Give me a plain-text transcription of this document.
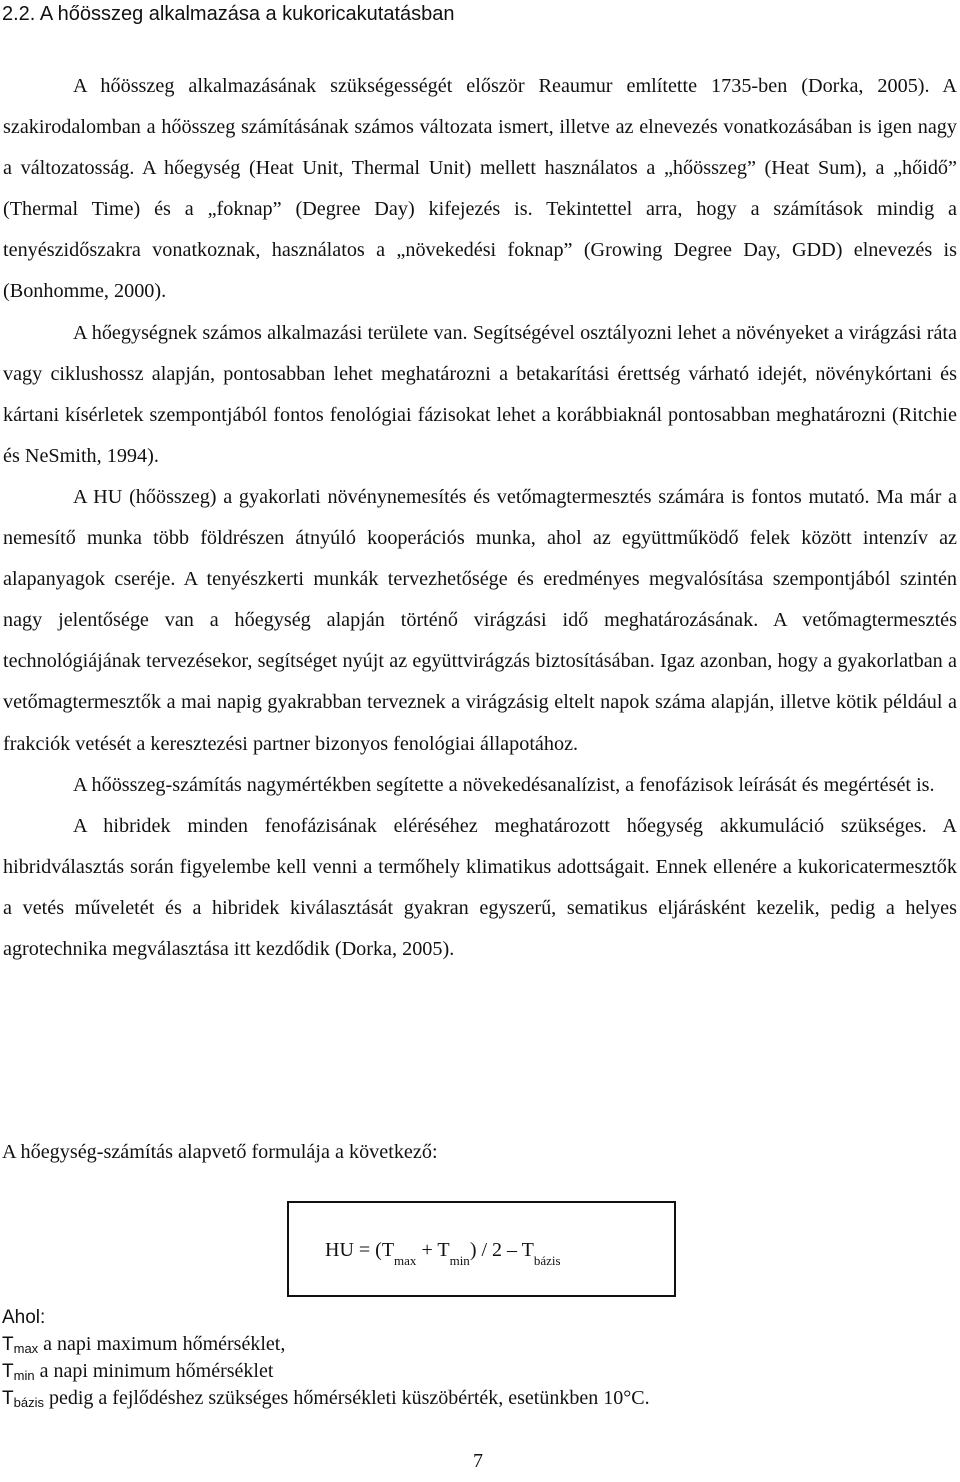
2.2. A hőösszeg alkalmazása a kukoricakutatásban

A hőösszeg alkalmazásának szükségességét először Reaumur említette 1735-ben (Dorka, 2005). A szakirodalomban a hőösszeg számításának számos változata ismert, illetve az elnevezés vonatkozásában is igen nagy a változatosság. A hőegység (Heat Unit, Thermal Unit) mellett használatos a „hőösszeg” (Heat Sum), a „hőidő” (Thermal Time) és a „foknap” (Degree Day) kifejezés is. Tekintettel arra, hogy a számítások mindig a tenyészidőszakra vonatkoznak, használatos a „növekedési foknap” (Growing Degree Day, GDD) elnevezés is (Bonhomme, 2000).

A hőegységnek számos alkalmazási területe van. Segítségével osztályozni lehet a növényeket a virágzási ráta vagy ciklushossz alapján, pontosabban lehet meghatározni a betakarítási érettség várható idejét, növénykórtani és kártani kísérletek szempontjából fontos fenológiai fázisokat lehet a korábbiaknál pontosabban meghatározni (Ritchie és NeSmith, 1994).

A HU (hőösszeg) a gyakorlati növénynemesítés és vetőmagtermesztés számára is fontos mutató. Ma már a nemesítő munka több földrészen átnyúló kooperációs munka, ahol az együttműködő felek között intenzív az alapanyagok cseréje. A tenyészkerti munkák tervezhetősége és eredményes megvalósítása szempontjából szintén nagy jelentősége van a hőegység alapján történő virágzási idő meghatározásának. A vetőmagtermesztés technológiájának tervezésekor, segítséget nyújt az együttvirágzás biztosításában. Igaz azonban, hogy a gyakorlatban a vetőmagtermesztők a mai napig gyakrabban terveznek a virágzásig eltelt napok száma alapján, illetve kötik például a frakciók vetését a keresztezési partner bizonyos fenológiai állapotához.

A hőösszeg-számítás nagymértékben segítette a növekedésanalízist, a fenofázisok leírását és megértését is.

A hibridek minden fenofázisának eléréséhez meghatározott hőegység akkumuláció szükséges. A hibridválasztás során figyelembe kell venni a termőhely klimatikus adottságait. Ennek ellenére a kukoricatermesztők a vetés műveletét és a hibridek kiválasztását gyakran egyszerű, sematikus eljárásként kezelik, pedig a helyes agrotechnika megválasztása itt kezdődik (Dorka, 2005).

A hőegység-számítás alapvető formulája a következő:
HU = $(T_{max} + T_{min}) / 2 - T_{bázis}$
Ahol:
$T_{max}$ a napi maximum hőmérséklet,
$T_{min}$ a napi minimum hőmérséklet
$T_{bázis}$ pedig a fejlődéshez szükséges hőmérsékleti küszöbérték, esetünkben 10°C.
7
